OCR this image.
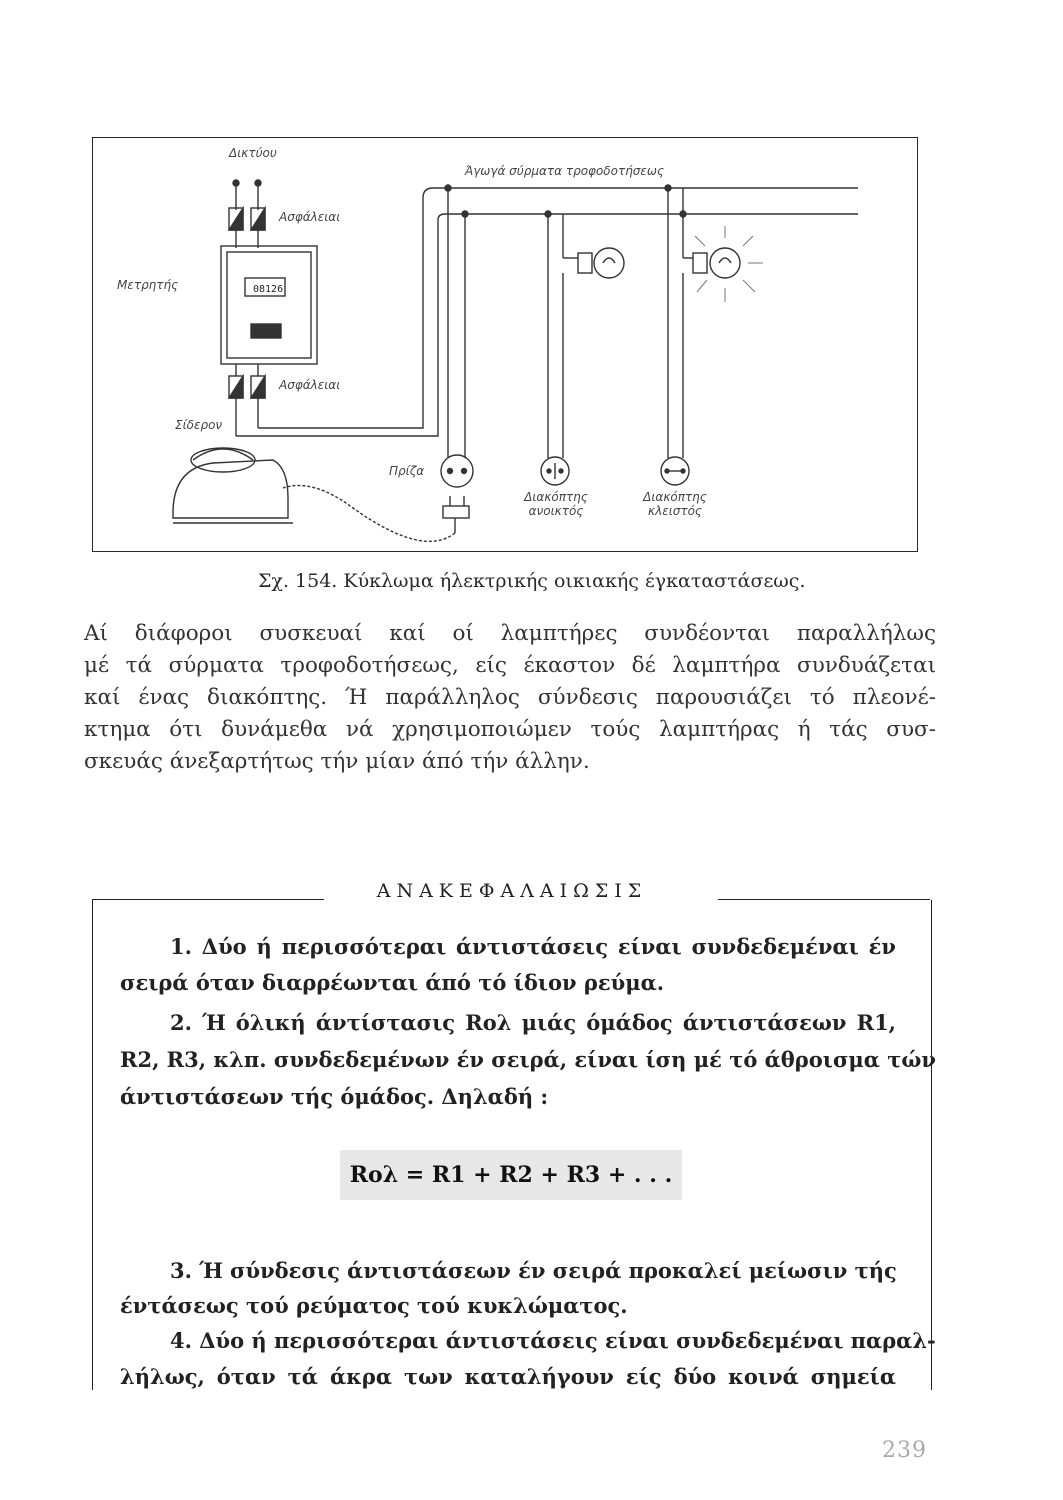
08126
Δικτύου
Άγωγά σύρματα τροφοδοτήσεως
Ασφάλειαι
Μετρητής
Ασφάλειαι
Σίδερον
Πρίζα
Διακόπτης ανοικτός
Διακόπτης κλειστός
Σχ. 154. Κύκλωμα ήλεκτρικής οικιακής έγκαταστάσεως.
Αί διάφοροι συσκευαί καί οί λαμπτήρες συνδέονται παραλλήλως
μέ τά σύρματα τροφοδοτήσεως, είς έκαστον δέ λαμπτήρα συνδυάζεται
καί ένας διακόπτης. Ή παράλληλος σύνδεσις παρουσιάζει τό πλεονέ-
κτημα ότι δυνάμεθα νά χρησιμοποιώμεν τούς λαμπτήρας ή τάς συσ-
σκευάς άνεξαρτήτως τήν μίαν άπό τήν άλλην.
ΑΝΑΚΕΦΑΛΑΙΩΣΙΣ
1. Δύο ή περισσότεραι άντιστάσεις είναι συνδεδεμέναι έν
σειρά όταν διαρρέωνται άπό τό ίδιον ρεύμα.
2. Ή όλική άντίστασις Rολ μιάς όμάδος άντιστάσεων R1,
R2, R3, κλπ. συνδεδεμένων έν σειρά, είναι ίση μέ τό άθροισμα τών
άντιστάσεων τής όμάδος. Δηλαδή :
Rολ = R1 + R2 + R3 + . . .
3. Ή σύνδεσις άντιστάσεων έν σειρά προκαλεί μείωσιν τής
έντάσεως τού ρεύματος τού κυκλώματος.
4. Δύο ή περισσότεραι άντιστάσεις είναι συνδεδεμέναι παραλ-
λήλως, όταν τά άκρα των καταλήγουν είς δύο κοινά σημεία
239
